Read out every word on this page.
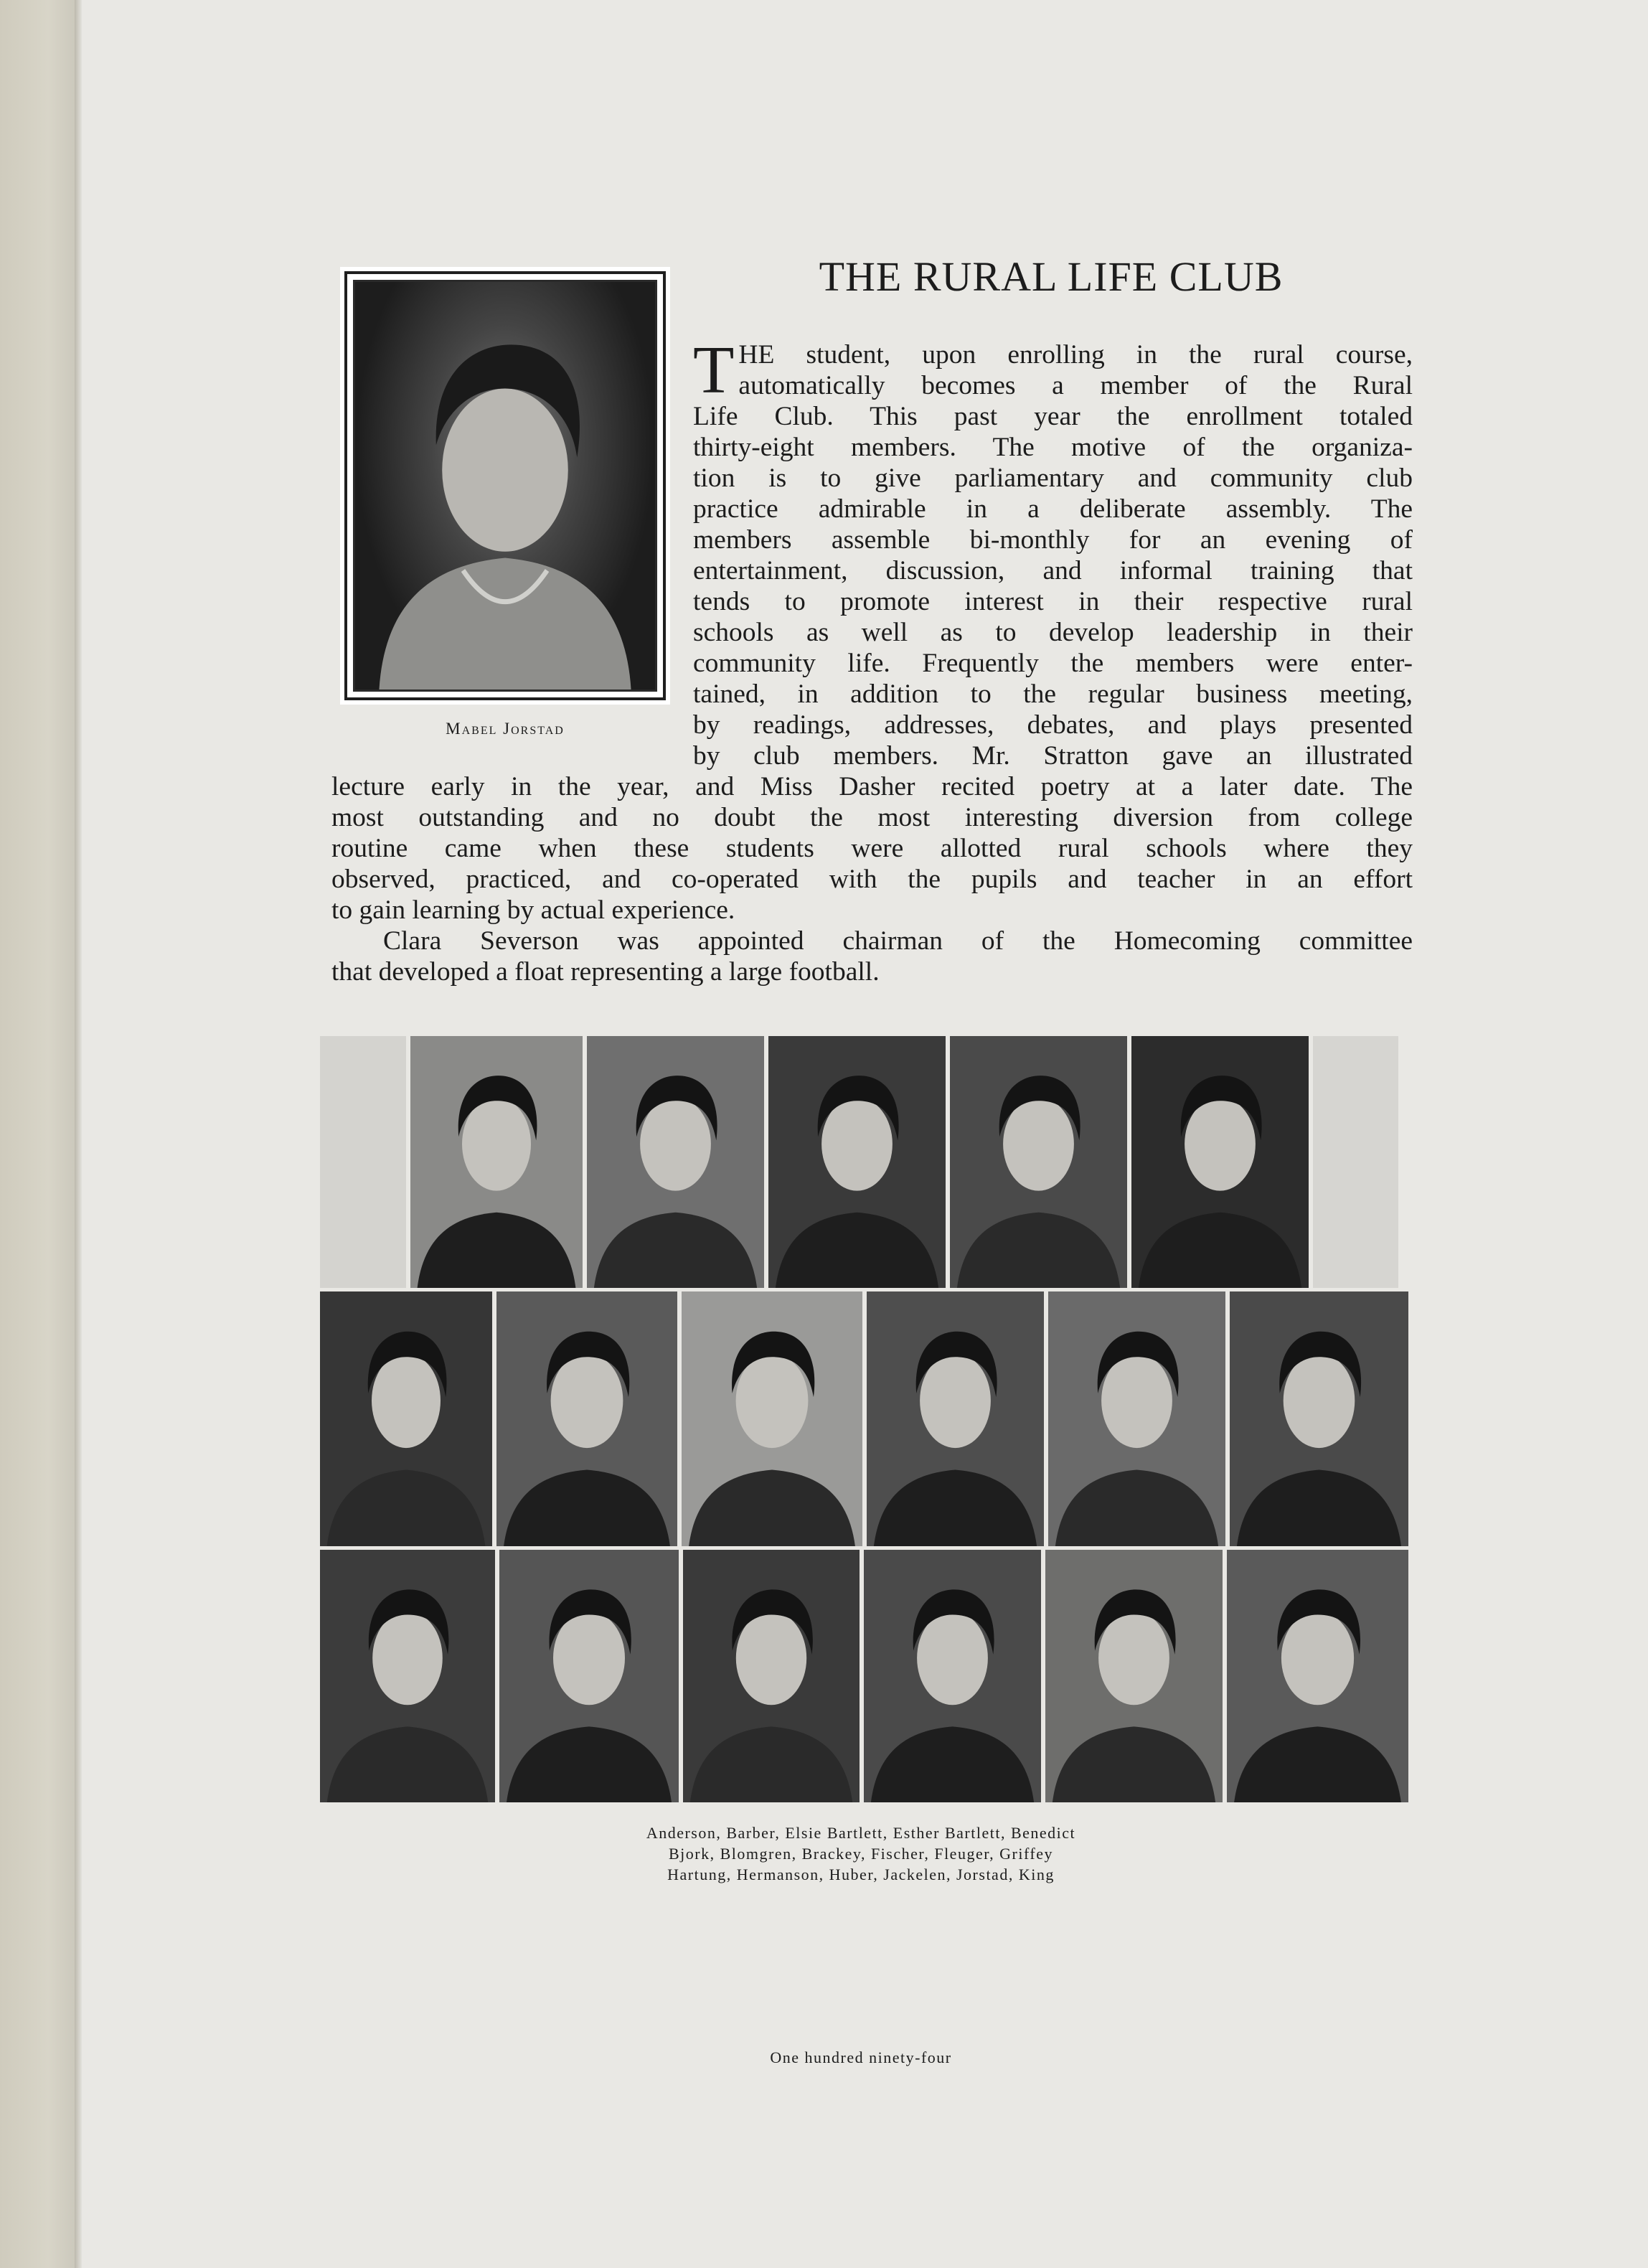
THE RURAL LIFE CLUB
Mabel Jorstad
T HE student, upon enrolling in the rural course,
automatically becomes a member of the Rural
Life Club. This past year the enrollment totaled
thirty-eight members. The motive of the organiza-
tion is to give parliamentary and community club
practice admirable in a deliberate assembly. The
members assemble bi-monthly for an evening of
entertainment, discussion, and informal training that
tends to promote interest in their respective rural
schools as well as to develop leadership in their
community life. Frequently the members were enter-
tained, in addition to the regular business meeting,
by readings, addresses, debates, and plays presented
by club members. Mr. Stratton gave an illustrated
lecture early in the year, and Miss Dasher recited poetry at a later date. The
most outstanding and no doubt the most interesting diversion from college
routine came when these students were allotted rural schools where they
observed, practiced, and co-operated with the pupils and teacher in an effort
to gain learning by actual experience.
Clara Severson was appointed chairman of the Homecoming committee
that developed a float representing a large football.
Anderson, Barber, Elsie Bartlett, Esther Bartlett, Benedict
Bjork, Blomgren, Brackey, Fischer, Fleuger, Griffey
Hartung, Hermanson, Huber, Jackelen, Jorstad, King
One hundred ninety-four
